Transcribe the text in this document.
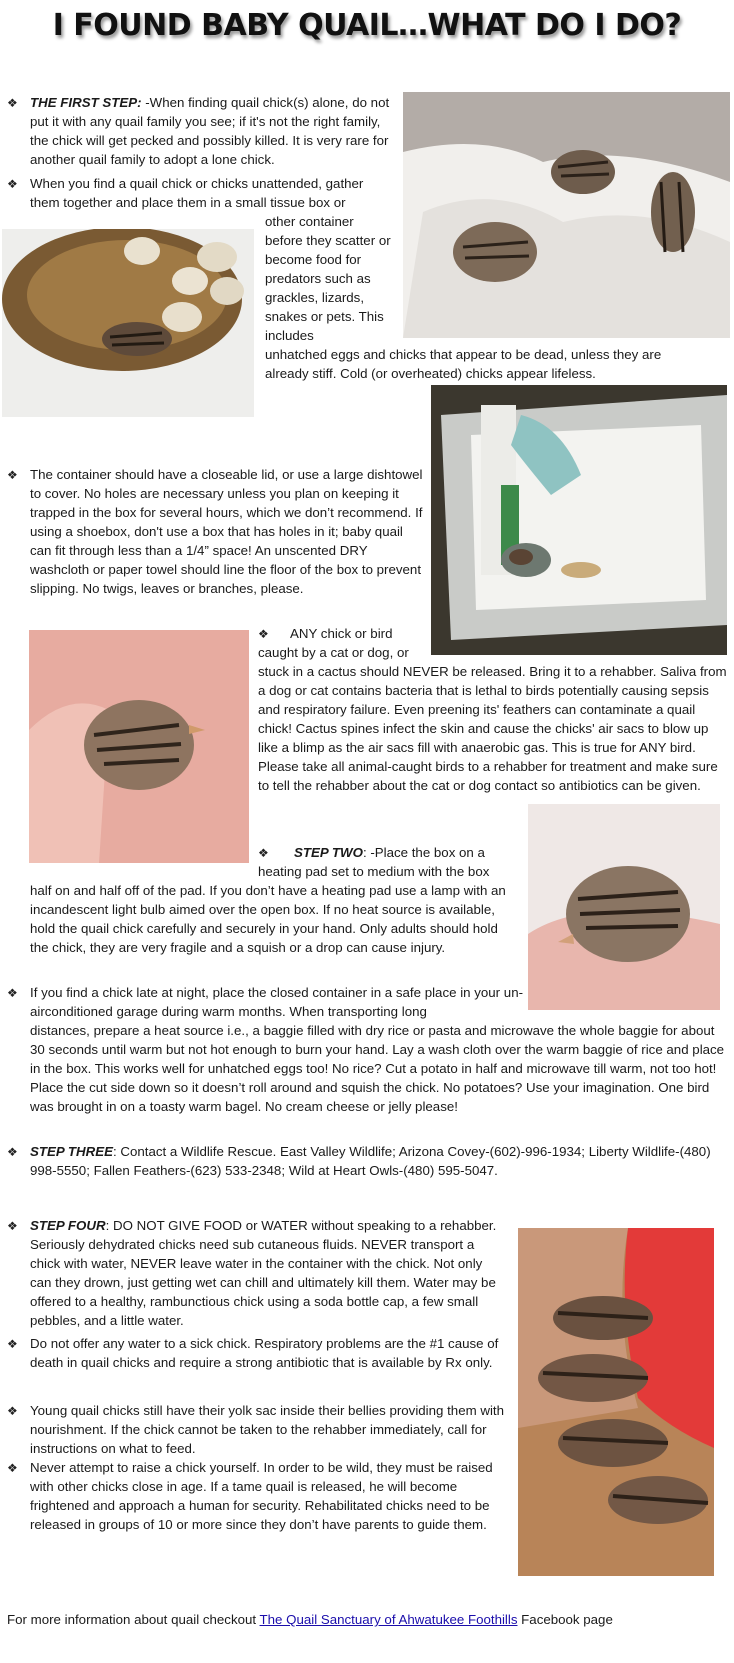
I FOUND BABY QUAIL…WHAT DO I DO?
❖
❖
❖
❖
❖
❖
❖
❖
❖
❖
❖

THE FIRST STEP: -When finding quail chick(s) alone, do not put it with any quail family you see; if it's not the right family, the chick will get pecked and possibly killed. It is very rare for another quail family to adopt a lone chick.

When you find a quail chick or chicks unattended, gather them together and place them in a small tissue box or

other container before they scatter or become food for predators such as grackles, lizards, snakes or pets. This includes

unhatched eggs and chicks that appear to be dead, unless they are already stiff. Cold (or overheated) chicks appear lifeless.

The container should have a closeable lid, or use a large dishtowel to cover. No holes are necessary unless you plan on keeping it trapped in the box for several hours, which we don’t recommend. If using a shoebox, don't use a box that has holes in it; baby quail can fit through less than a 1/4” space! An unscented DRY washcloth or paper towel should line the floor of the box to prevent slipping. No twigs, leaves or branches, please.

ANY chick or bird caught by a cat or dog, or

stuck in a cactus should NEVER be released. Bring it to a rehabber. Saliva from a dog or cat contains bacteria that is lethal to birds potentially causing sepsis and respiratory failure. Even preening its' feathers can contaminate a quail chick! Cactus spines infect the skin and cause the chicks' air sacs to blow up like a blimp as the air sacs fill with anaerobic gas. This is true for ANY bird. Please take all animal-caught birds to a rehabber for treatment and make sure to tell the rehabber about the cat or dog contact so antibiotics can be given.

STEP TWO: -Place the box on a heating pad set to medium with the box

half on and half off of the pad. If you don’t have a heating pad use a lamp with an incandescent light bulb aimed over the open box. If no heat source is available, hold the quail chick carefully and securely in your hand. Only adults should hold the chick, they are very fragile and a squish or a drop can cause injury.

If you find a chick late at night, place the closed container in a safe place in your un-airconditioned garage during warm months. When transporting long

distances, prepare a heat source i.e., a baggie filled with dry rice or pasta and microwave the whole baggie for about 30 seconds until warm but not hot enough to burn your hand. Lay a wash cloth over the warm baggie of rice and place in the box. This works well for unhatched eggs too! No rice? Cut a potato in half and microwave till warm, not too hot! Place the cut side down so it doesn’t roll around and squish the chick. No potatoes? Use your imagination. One bird was brought in on a toasty warm bagel. No cream cheese or jelly please!

STEP THREE: Contact a Wildlife Rescue. East Valley Wildlife; Arizona Covey-(602)-996-1934; Liberty Wildlife-(480) 998-5550; Fallen Feathers-(623) 533-2348; Wild at Heart Owls-(480) 595-5047.

STEP FOUR: DO NOT GIVE FOOD or WATER without speaking to a rehabber. Seriously dehydrated chicks need sub cutaneous fluids. NEVER transport a chick with water, NEVER leave water in the container with the chick. Not only can they drown, just getting wet can chill and ultimately kill them. Water may be offered to a healthy, rambunctious chick using a soda bottle cap, a few small pebbles, and a little water.

Do not offer any water to a sick chick. Respiratory problems are the #1 cause of death in quail chicks and require a strong antibiotic that is available by Rx only.

Young quail chicks still have their yolk sac inside their bellies providing them with nourishment. If the chick cannot be taken to the rehabber immediately, call for instructions on what to feed.

Never attempt to raise a chick yourself. In order to be wild, they must be raised with other chicks close in age. If a tame quail is released, he will become frightened and approach a human for security. Rehabilitated chicks need to be released in groups of 10 or more since they don’t have parents to guide them.

For more information about quail checkout The Quail Sanctuary of Ahwatukee Foothills Facebook page
